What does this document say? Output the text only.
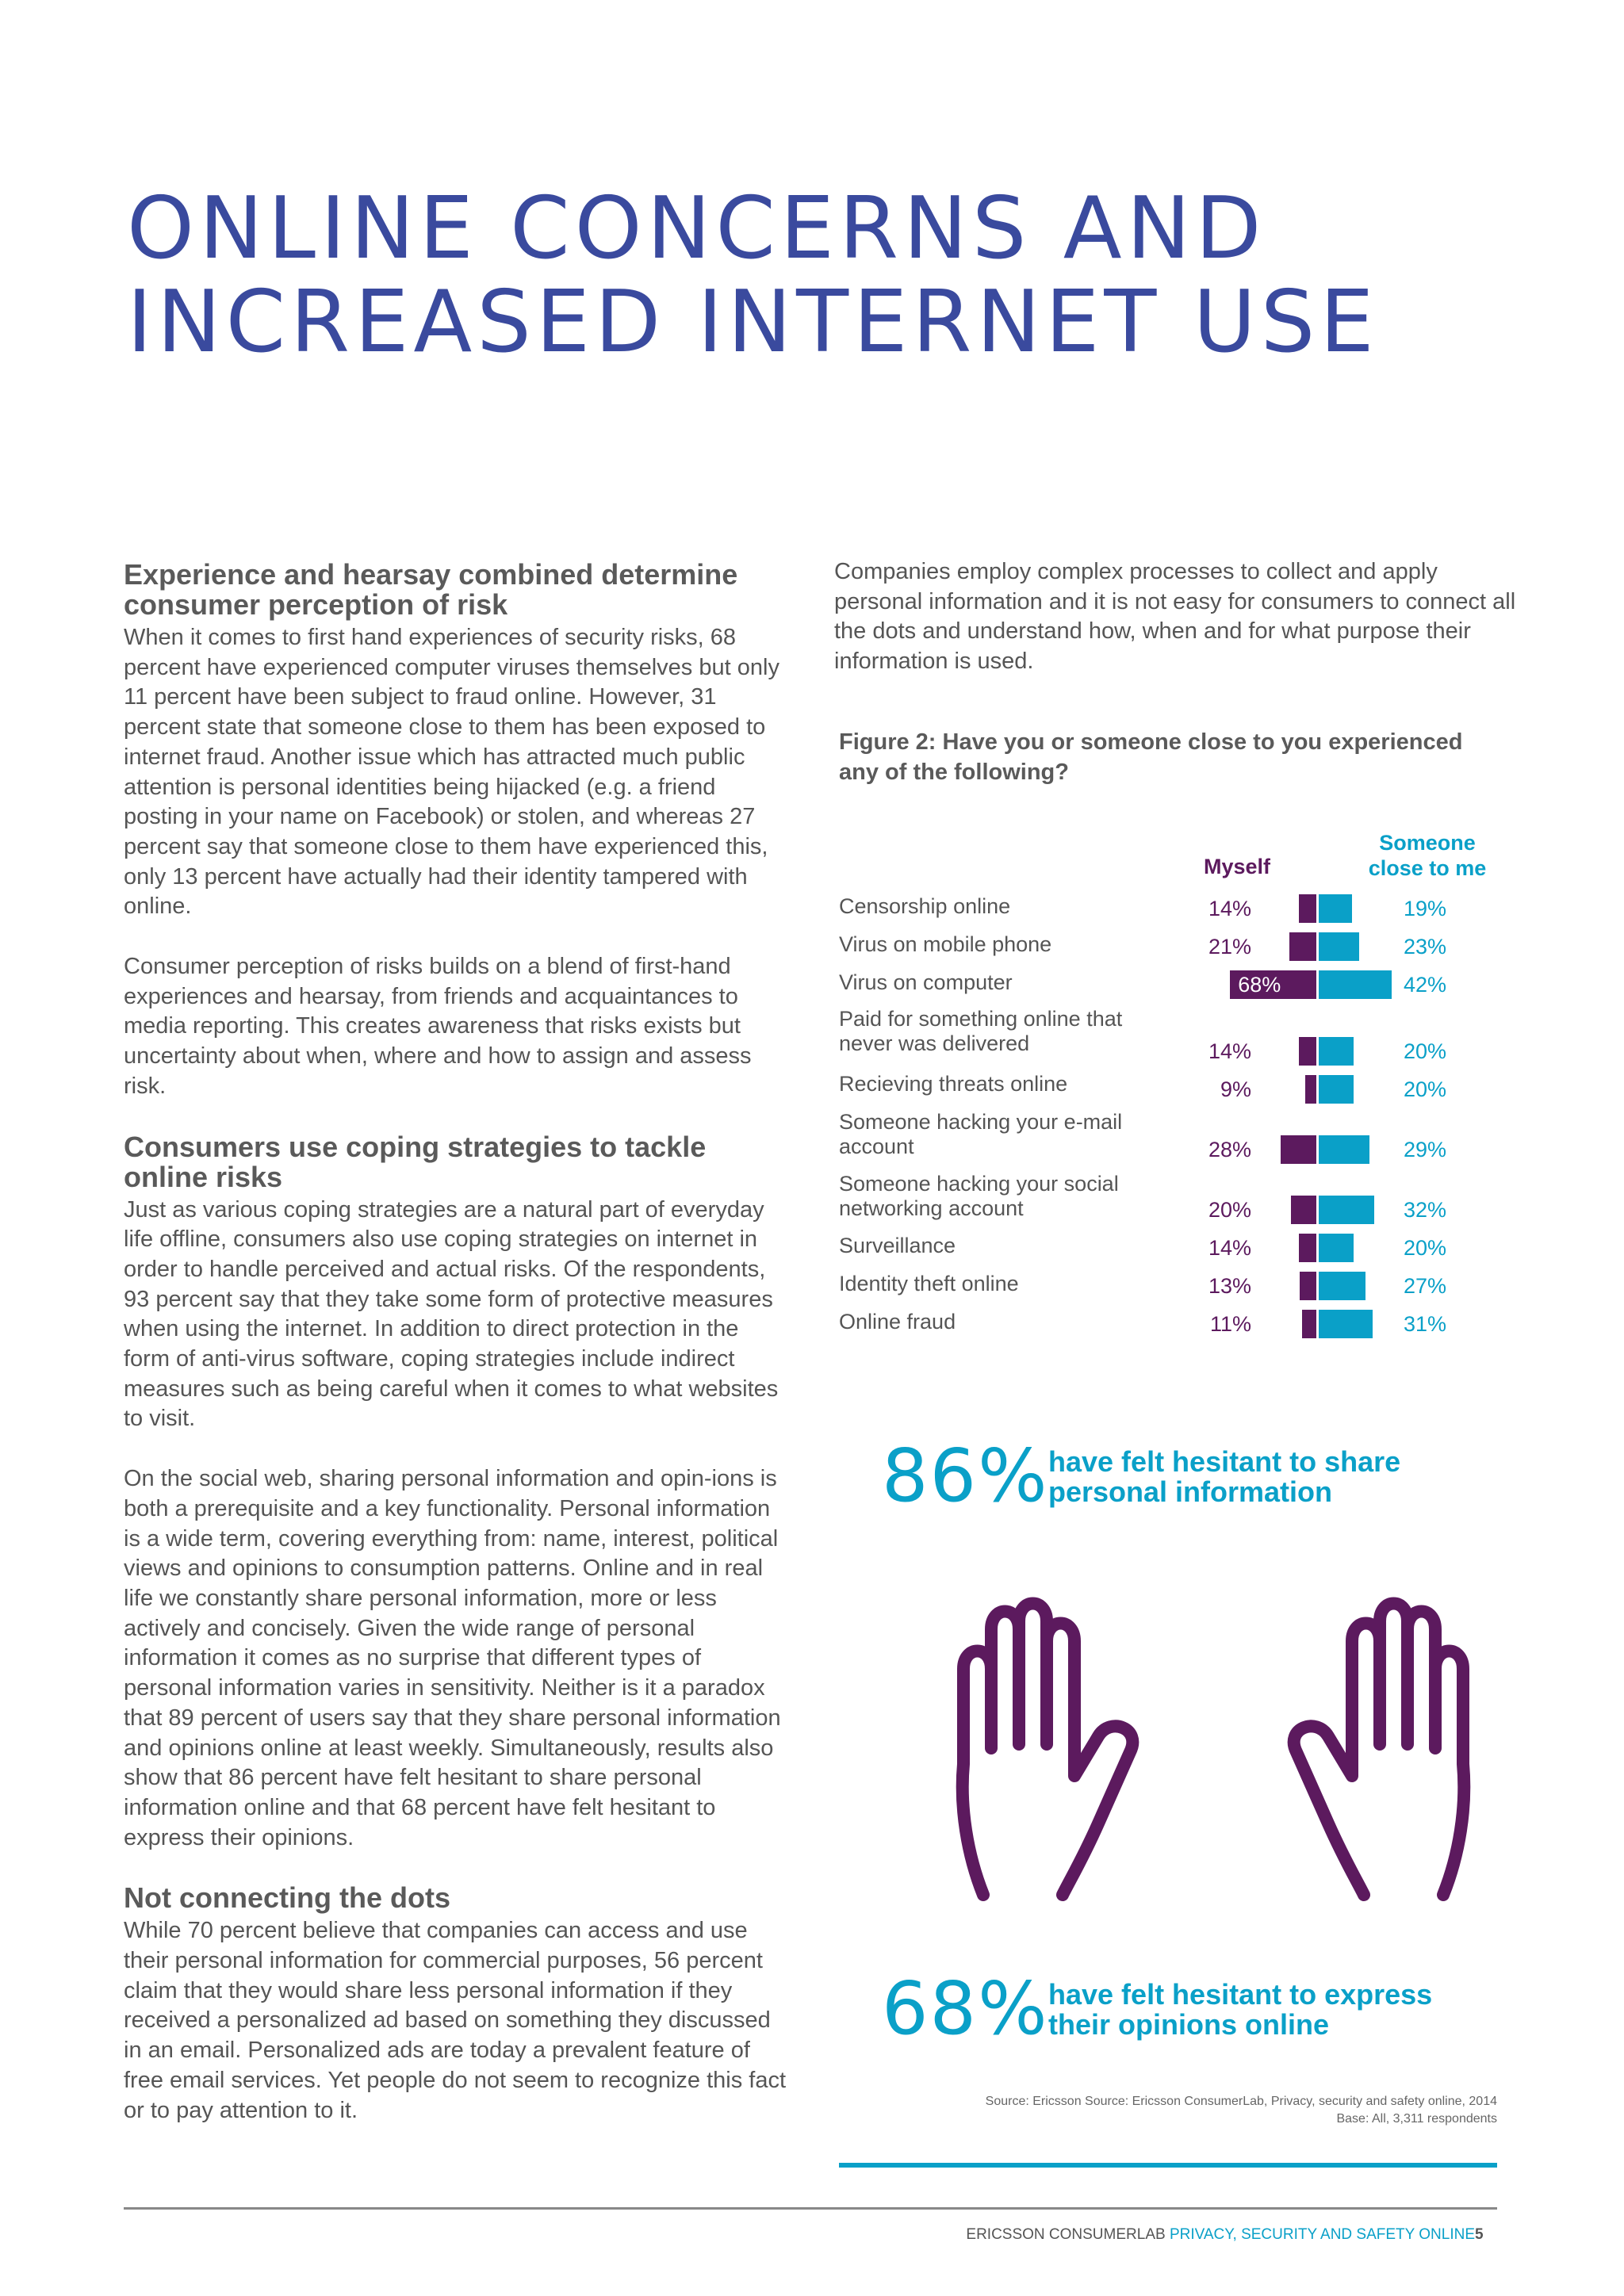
ONLINE CONCERNS AND
INCREASED INTERNET USE
Experience and hearsay combined determine consumer perception of risk

When it comes to first hand experiences of security risks, 68 percent have experienced computer viruses themselves but only 11 percent have been subject to fraud online. However, 31 percent state that someone close to them has been exposed to internet fraud. Another issue which has attracted much public attention is personal identities being hijacked (e.g. a friend posting in your name on Facebook) or stolen, and whereas 27 percent say that someone close to them have experienced this, only 13 percent have actually had their identity tampered with online.

Consumer perception of risks builds on a blend of first-hand experiences and hearsay, from friends and acquaintances to media reporting. This creates awareness that risks exists but uncertainty about when, where and how to assign and assess risk.

Consumers use coping strategies to tackle online risks

Just as various coping strategies are a natural part of everyday life offline, consumers also use coping strategies on internet in order to handle perceived and actual risks. Of the respondents, 93 percent say that they take some form of protective measures when using the internet. In addition to direct protection in the form of anti-virus software, coping strategies include indirect measures such as being careful when it comes to what websites to visit.

On the social web, sharing personal information and opin-ions is both a prerequisite and a key functionality. Personal information is a wide term, covering everything from: name, interest, political views and opinions to consumption patterns. Online and in real life we constantly share personal information, more or less actively and concisely. Given the wide range of personal information it comes as no surprise that different types of personal information varies in sensitivity. Neither is it a paradox that 89 percent of users say that they share personal information and opinions online at least weekly. Simultaneously, results also show that 86 percent have felt hesitant to share personal information online and that 68 percent have felt hesitant to express their opinions.

Not connecting the dots

While 70 percent believe that companies can access and use their personal information for commercial purposes, 56 percent claim that they would share less personal information if they received a personalized ad based on something they discussed in an email. Personalized ads are today a prevalent feature of free email services. Yet people do not seem to recognize this fact or to pay attention to it.

Companies employ complex processes to collect and apply personal information and it is not easy for consumers to connect all the dots and understand how, when and for what purpose their information is used.

Figure 2: Have you or someone close to you experienced any of the following?

Myself
Someone close to me
Censorship online	14%	19%
Virus on mobile phone	21%	23%
Virus on computer	68%	42%
Paid for something online that never was delivered	14%	20%
Recieving threats online	9%	20%
Someone hacking your e-mail account	28%	29%
Someone hacking your social networking account	20%	32%
Surveillance	14%	20%
Identity theft online	13%	27%
Online fraud	11%	31%
86% have felt hesitant to share personal information
68% have felt hesitant to express their opinions online
Source: Ericsson Source: Ericsson ConsumerLab, Privacy, security and safety online, 2014
Base: All, 3,311 respondents
ERICSSON CONSUMERLAB PRIVACY, SECURITY AND SAFETY ONLINE 5
